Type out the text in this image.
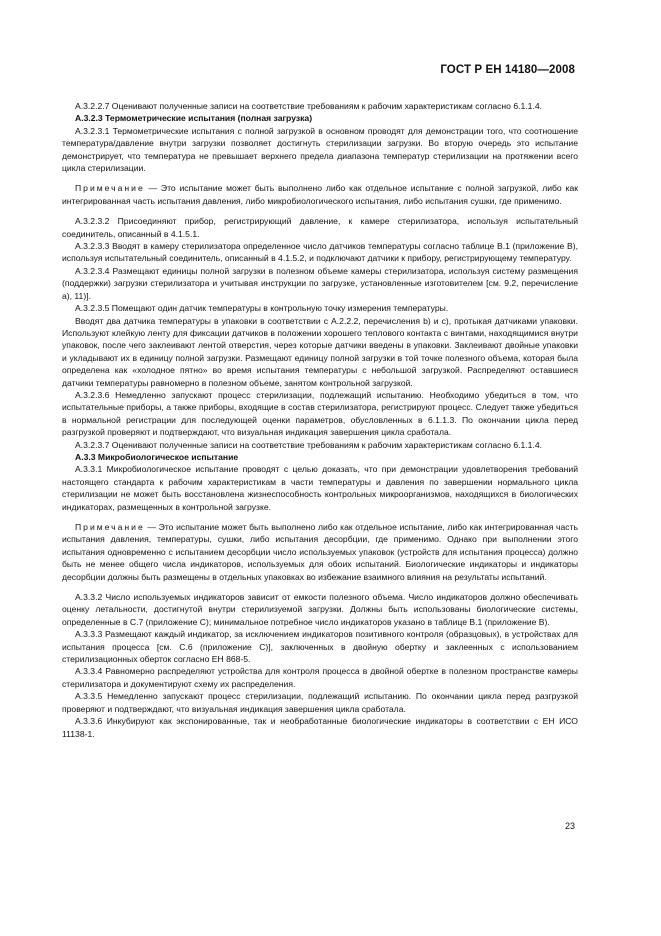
ГОСТ Р ЕН 14180—2008

А.3.2.2.7 Оценивают полученные записи на соответствие требованиям к рабочим характеристикам согласно 6.1.1.4.

А.3.2.3 Термометрические испытания (полная загрузка)

А.3.2.3.1 Термометрические испытания с полной загрузкой в основном проводят для демонстрации того, что соотношение температура/давление внутри загрузки позволяет достигнуть стерилизации загрузки. Во вторую очередь это испытание демонстрирует, что температура не превышает верхнего предела диапазона температур стерилизации на протяжении всего цикла стерилизации.

Примечание — Это испытание может быть выполнено либо как отдельное испытание с полной загрузкой, либо как интегрированная часть испытания давления, либо микробиологического испытания, либо испытания сушки, где применимо.

А.3.2.3.2 Присоединяют прибор, регистрирующий давление, к камере стерилизатора, используя испытательный соединитель, описанный в 4.1.5.1.

А.3.2.3.3 Вводят в камеру стерилизатора определенное число датчиков температуры согласно таблице В.1 (приложение В), используя испытательный соединитель, описанный в 4.1.5.2, и подключают датчики к прибору, регистрирующему температуру.

А.3.2.3.4 Размещают единицы полной загрузки в полезном объеме камеры стерилизатора, используя систему размещения (поддержки) загрузки стерилизатора и учитывая инструкции по загрузке, установленные изготовителем [см. 9.2, перечисление а), 11)].

А.3.2.3.5 Помещают один датчик температуры в контрольную точку измерения температуры.

Вводят два датчика температуры в упаковки в соответствии с А.2.2.2, перечисления b) и с), протыкая датчиками упаковки. Используют клейкую ленту для фиксации датчиков в положении хорошего теплового контакта с винтами, находящимися внутри упаковок, после чего заклеивают лентой отверстия, через которые датчики введены в упаковки. Заклеивают двойные упаковки и укладывают их в единицу полной загрузки. Размещают единицу полной загрузки в той точке полезного объема, которая была определена как «холодное пятно» во время испытания температуры с небольшой загрузкой. Распределяют оставшиеся датчики температуры равномерно в полезном объеме, занятом контрольной загрузкой.

А.3.2.3.6 Немедленно запускают процесс стерилизации, подлежащий испытанию. Необходимо убедиться в том, что испытательные приборы, а также приборы, входящие в состав стерилизатора, регистрируют процесс. Следует также убедиться в нормальной регистрации для последующей оценки параметров, обусловленных в 6.1.1.3. По окончании цикла перед разгрузкой проверяют и подтверждают, что визуальная индикация завершения цикла сработала.

А.3.2.3.7 Оценивают полученные записи на соответствие требованиям к рабочим характеристикам согласно 6.1.1.4.

А.3.3 Микробиологическое испытание

А.3.3.1 Микробиологическое испытание проводят с целью доказать, что при демонстрации удовлетворения требований настоящего стандарта к рабочим характеристикам в части температуры и давления по завершении нормального цикла стерилизации не может быть восстановлена жизнеспособность контрольных микроорганизмов, находящихся в биологических индикаторах, размещенных в контрольной загрузке.

Примечание — Это испытание может быть выполнено либо как отдельное испытание, либо как интегрированная часть испытания давления, температуры, сушки, либо испытания десорбции, где применимо. Однако при выполнении этого испытания одновременно с испытанием десорбции число используемых упаковок (устройств для испытания процесса) должно быть не менее общего числа индикаторов, используемых для обоих испытаний. Биологические индикаторы и индикаторы десорбции должны быть размещены в отдельных упаковках во избежание взаимного влияния на результаты испытаний.

А.3.3.2 Число используемых индикаторов зависит от емкости полезного объема. Число индикаторов должно обеспечивать оценку летальности, достигнутой внутри стерилизуемой загрузки. Должны быть использованы биологические системы, определенные в С.7 (приложение С); минимальное потребное число индикаторов указано в таблице В.1 (приложение В).

А.3.3.3 Размещают каждый индикатор, за исключением индикаторов позитивного контроля (образцовых), в устройствах для испытания процесса [см. С.6 (приложение С)], заключенных в двойную обертку и заклеенных с использованием стерилизационных оберток согласно ЕН 868-5.

А.3.3.4 Равномерно распределяют устройства для контроля процесса в двойной обертке в полезном пространстве камеры стерилизатора и документируют схему их распределения.

А.3.3.5 Немедленно запускают процесс стерилизации, подлежащий испытанию. По окончании цикла перед разгрузкой проверяют и подтверждают, что визуальная индикация завершения цикла сработала.

А.3.3.6 Инкубируют как экспонированные, так и необработанные биологические индикаторы в соответствии с ЕН ИСО 11138-1.

23
